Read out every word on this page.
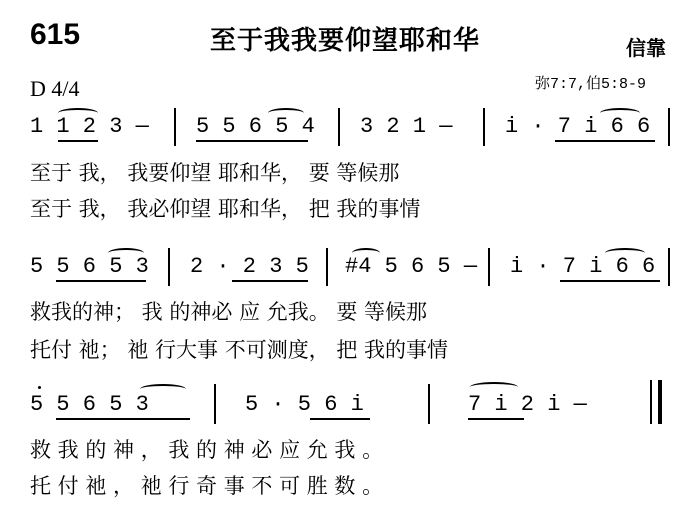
615	至于我我要仰望耶和华	信靠
D 4/4	弥7:7,伯5:8-9
1 1 2 3 — 5 5 6 5 4 3 2 1 — i · 7 i 6 6
至于 我， 我要仰望 耶和华， 要 等候那
至于 我， 我必仰望 耶和华， 把 我的事情
5 5 6 5 3 2 · 2 3 5 #4 5 6 5 — i · 7 i 6 6
救我的神； 我 的神必 应 允我。 要 等候那
托付 祂； 祂 行大事 不可测度， 把 我的事情
5 5 6 5 3	5 · 5 6 i	7 i 2 i —
救 我 的 神 ， 我 的 神 必 应 允 我 。
托 付 祂 ， 祂 行 奇 事 不 可 胜 数 。
